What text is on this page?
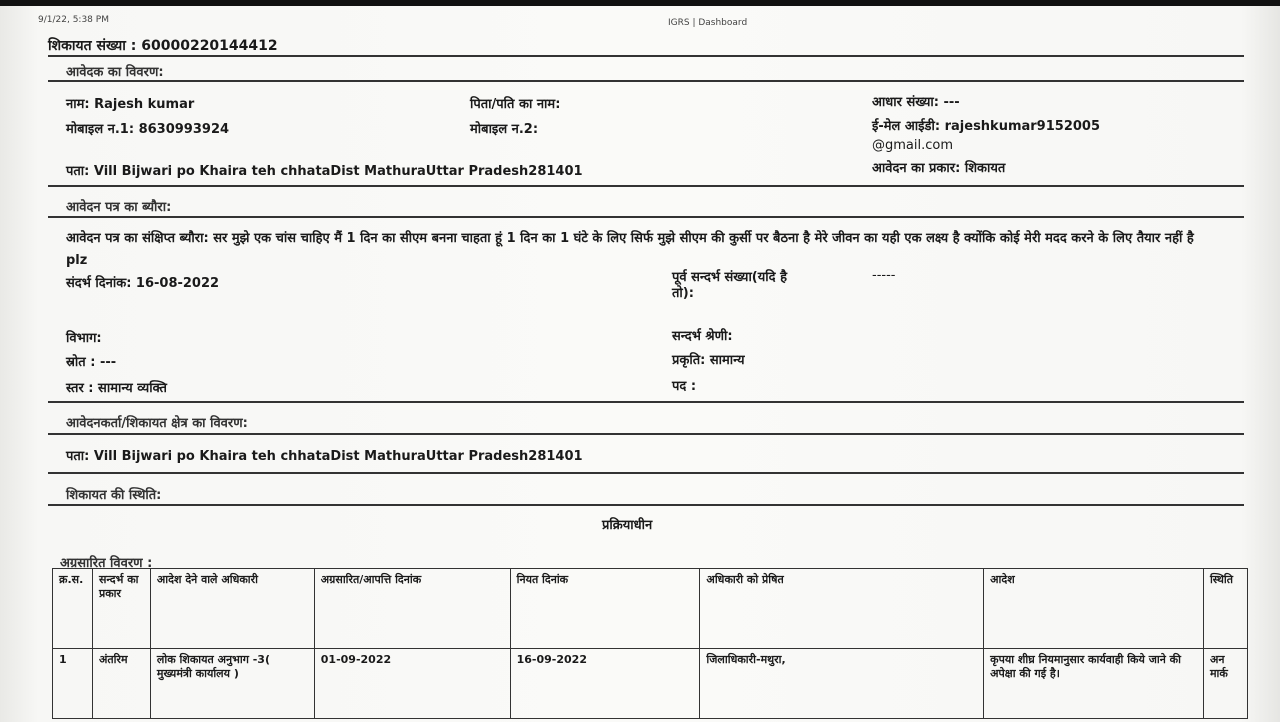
9/1/22, 5:38 PM	IGRS | Dashboard
शिकायत संख्या : 60000220144412
आवेदक का विवरण:
नाम: Rajesh kumar	पिता/पति का नाम:	आधार संख्या: ---
मोबाइल न.1: 8630993924	मोबाइल न.2:	ई-मेल आईडी: rajeshkumar9152005
@gmail.com
पता: Vill Bijwari po Khaira teh chhataDist MathuraUttar Pradesh281401	आवेदन का प्रकार: शिकायत
आवेदन पत्र का ब्यौरा:
आवेदन पत्र का संक्षिप्त ब्यौरा: सर मुझे एक चांस चाहिए मैं 1 दिन का सीएम बनना चाहता हूं 1 दिन का 1 घंटे के लिए सिर्फ मुझे सीएम की कुर्सी पर बैठना है मेरे जीवन का यही एक लक्ष्य है क्योंकि कोई मेरी मदद करने के लिए तैयार नहीं है plz
संदर्भ दिनांक: 16-08-2022	पूर्व सन्दर्भ संख्या(यदि है तो):
-----
विभाग:	सन्दर्भ श्रेणी:
स्रोत : ---	प्रकृति: सामान्य
स्तर : सामान्य व्यक्ति	पद :
आवेदनकर्ता/शिकायत क्षेत्र का विवरण:
पता: Vill Bijwari po Khaira teh chhataDist MathuraUttar Pradesh281401
शिकायत की स्थिति:
प्रक्रियाधीन
अग्रसारित विवरण :
क्र.स.	सन्दर्भ का प्रकार	आदेश देने वाले अधिकारी	अग्रसारित/आपत्ति दिनांक	नियत दिनांक	अधिकारी को प्रेषित	आदेश	स्थिति
1	अंतरिम	लोक शिकायत अनुभाग -3( मुख्यमंत्री कार्यालय )	01-09-2022	16-09-2022	जिलाधिकारी-मथुरा,	कृपया शीघ्र नियमानुसार कार्यवाही किये जाने की अपेक्षा की गई है।	अनमार्क
